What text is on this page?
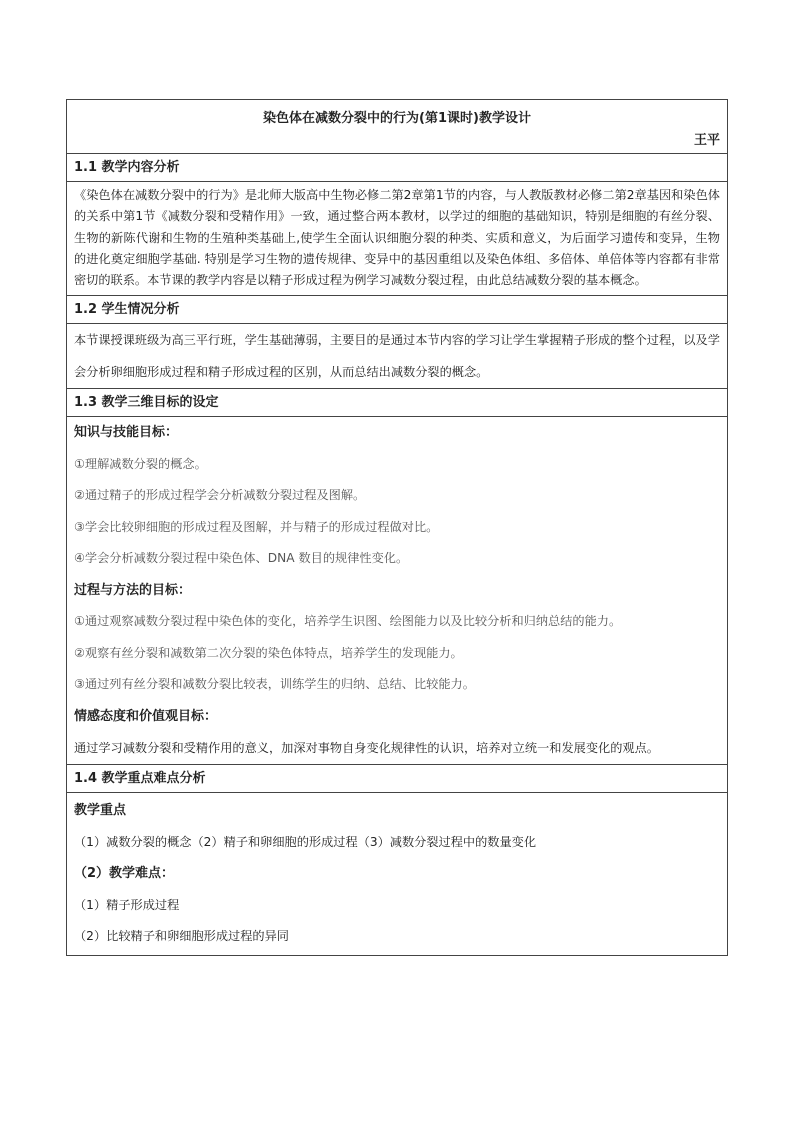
染色体在减数分裂中的行为(第1课时)教学设计
王平
1.1 教学内容分析

《染色体在减数分裂中的行为》是北师大版高中生物必修二第2章第1节的内容，与人教版教材必修二第2章基因和染色体的关系中第1节《减数分裂和受精作用》一致，通过整合两本教材，以学过的细胞的基础知识，特别是细胞的有丝分裂、生物的新陈代谢和生物的生殖种类基础上,使学生全面认识细胞分裂的种类、实质和意义，为后面学习遗传和变异，生物的进化奠定细胞学基础. 特别是学习生物的遗传规律、变异中的基因重组以及染色体组、多倍体、单倍体等内容都有非常密切的联系。本节课的教学内容是以精子形成过程为例学习减数分裂过程，由此总结减数分裂的基本概念。

1.2 学生情况分析

本节课授课班级为高三平行班，学生基础薄弱，主要目的是通过本节内容的学习让学生掌握精子形成的整个过程，以及学会分析卵细胞形成过程和精子形成过程的区别，从而总结出减数分裂的概念。

1.3 教学三维目标的设定
知识与技能目标：
①理解减数分裂的概念。
②通过精子的形成过程学会分析减数分裂过程及图解。
③学会比较卵细胞的形成过程及图解，并与精子的形成过程做对比。
④学会分析减数分裂过程中染色体、DNA 数目的规律性变化。
过程与方法的目标：
①通过观察减数分裂过程中染色体的变化，培养学生识图、绘图能力以及比较分析和归纳总结的能力。
②观察有丝分裂和减数第二次分裂的染色体特点，培养学生的发现能力。
③通过列有丝分裂和减数分裂比较表，训练学生的归纳、总结、比较能力。
情感态度和价值观目标：

通过学习减数分裂和受精作用的意义，加深对事物自身变化规律性的认识，培养对立统一和发展变化的观点。

1.4 教学重点难点分析
教学重点
（1）减数分裂的概念（2）精子和卵细胞的形成过程（3）减数分裂过程中的数量变化
（2）教学难点：
（1）精子形成过程
（2）比较精子和卵细胞形成过程的异同
